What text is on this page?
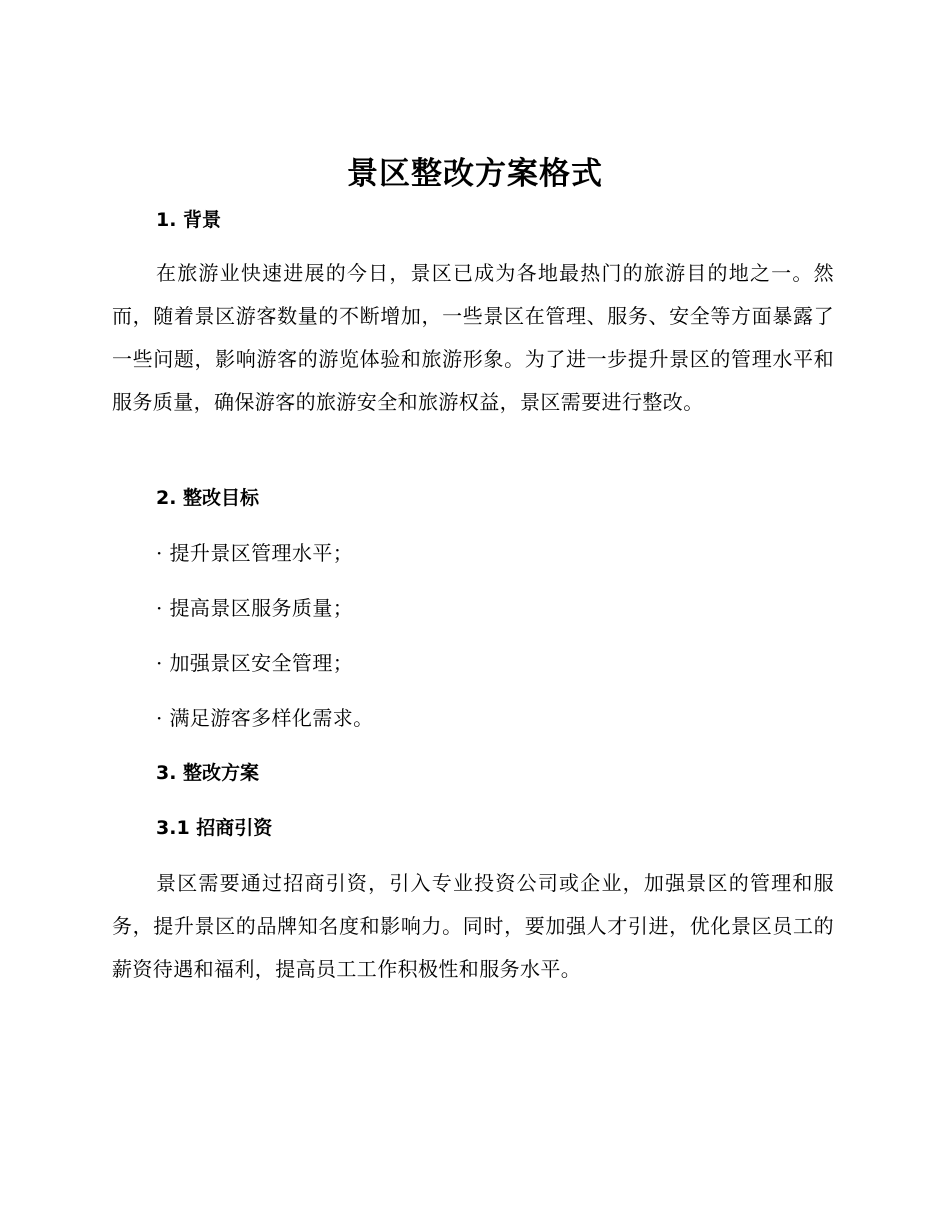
景区整改方案格式
1. 背景
在旅游业快速进展的今日，景区已成为各地最热门的旅游目的地之一。然而，随着景区游客数量的不断增加，一些景区在管理、服务、安全等方面暴露了一些问题，影响游客的游览体验和旅游形象。为了进一步提升景区的管理水平和服务质量，确保游客的旅游安全和旅游权益，景区需要进行整改。
2. 整改目标
· 提升景区管理水平；
· 提高景区服务质量；
· 加强景区安全管理；
· 满足游客多样化需求。
3. 整改方案
3.1 招商引资
景区需要通过招商引资，引入专业投资公司或企业，加强景区的管理和服务，提升景区的品牌知名度和影响力。同时，要加强人才引进，优化景区员工的薪资待遇和福利，提高员工工作积极性和服务水平。
